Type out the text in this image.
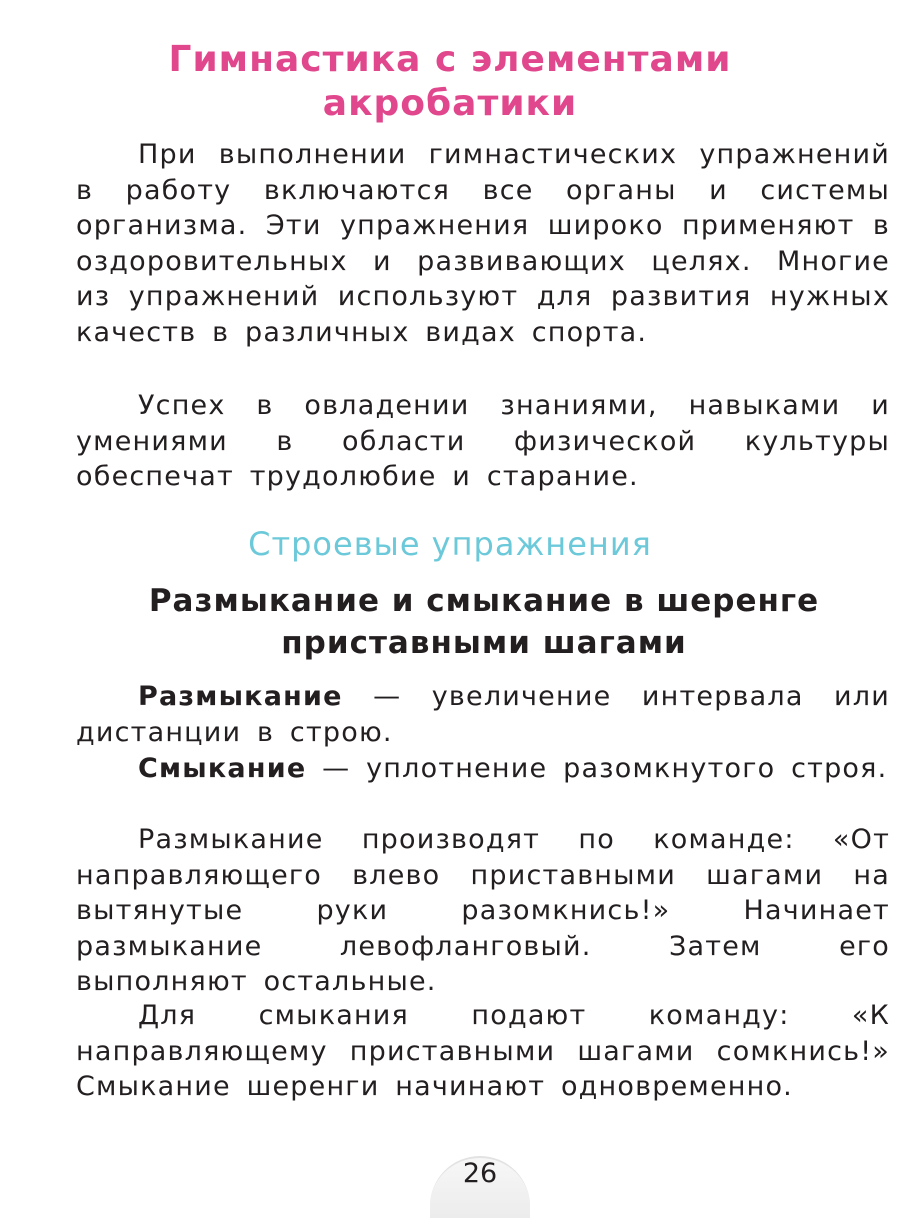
Гимнастика с элементами акробатики

При выполнении гимнастических упражнений в работу включаются все органы и системы организма. Эти упражнения широко применяют в оздоровительных и развивающих целях. Многие из упражнений используют для развития нужных качеств в различных видах спорта.

Успех в овладении знаниями, навыками и умениями в области физической культуры обеспечат трудолюбие и старание.

Строевые упражнения
Размыкание и смыкание в шеренге приставными шагами

Размыкание — увеличение интервала или дистанции в строю.

Смыкание — уплотнение разомкнутого строя.

Размыкание производят по команде: «От направляющего влево приставными шагами на вытянутые руки разомкнись!» Начинает размыкание левофланговый. Затем его выполняют остальные.

Для смыкания подают команду: «К направляющему приставными шагами сомкнись!» Смыкание шеренги начинают одновременно.

26
